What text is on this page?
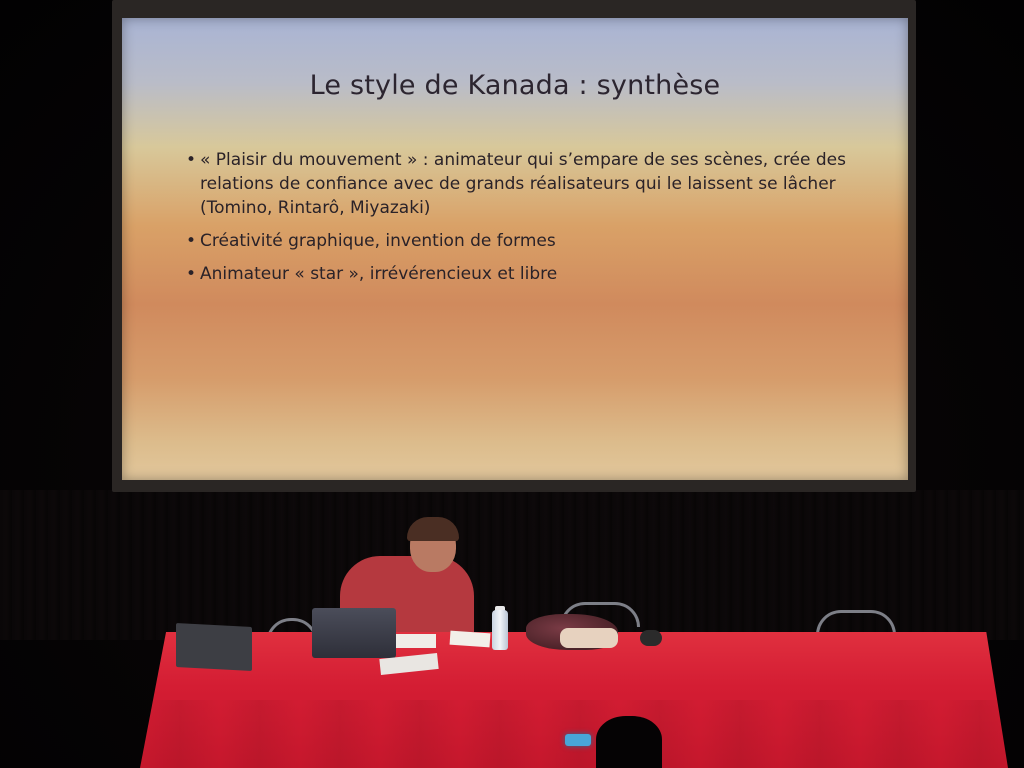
Le style de Kanada : synthèse
• « Plaisir du mouvement » : animateur qui s’empare de ses scènes, crée des relations de confiance avec de grands réalisateurs qui le laissent se lâcher (Tomino, Rintarô, Miyazaki)
• Créativité graphique, invention de formes
• Animateur « star », irrévérencieux et libre
